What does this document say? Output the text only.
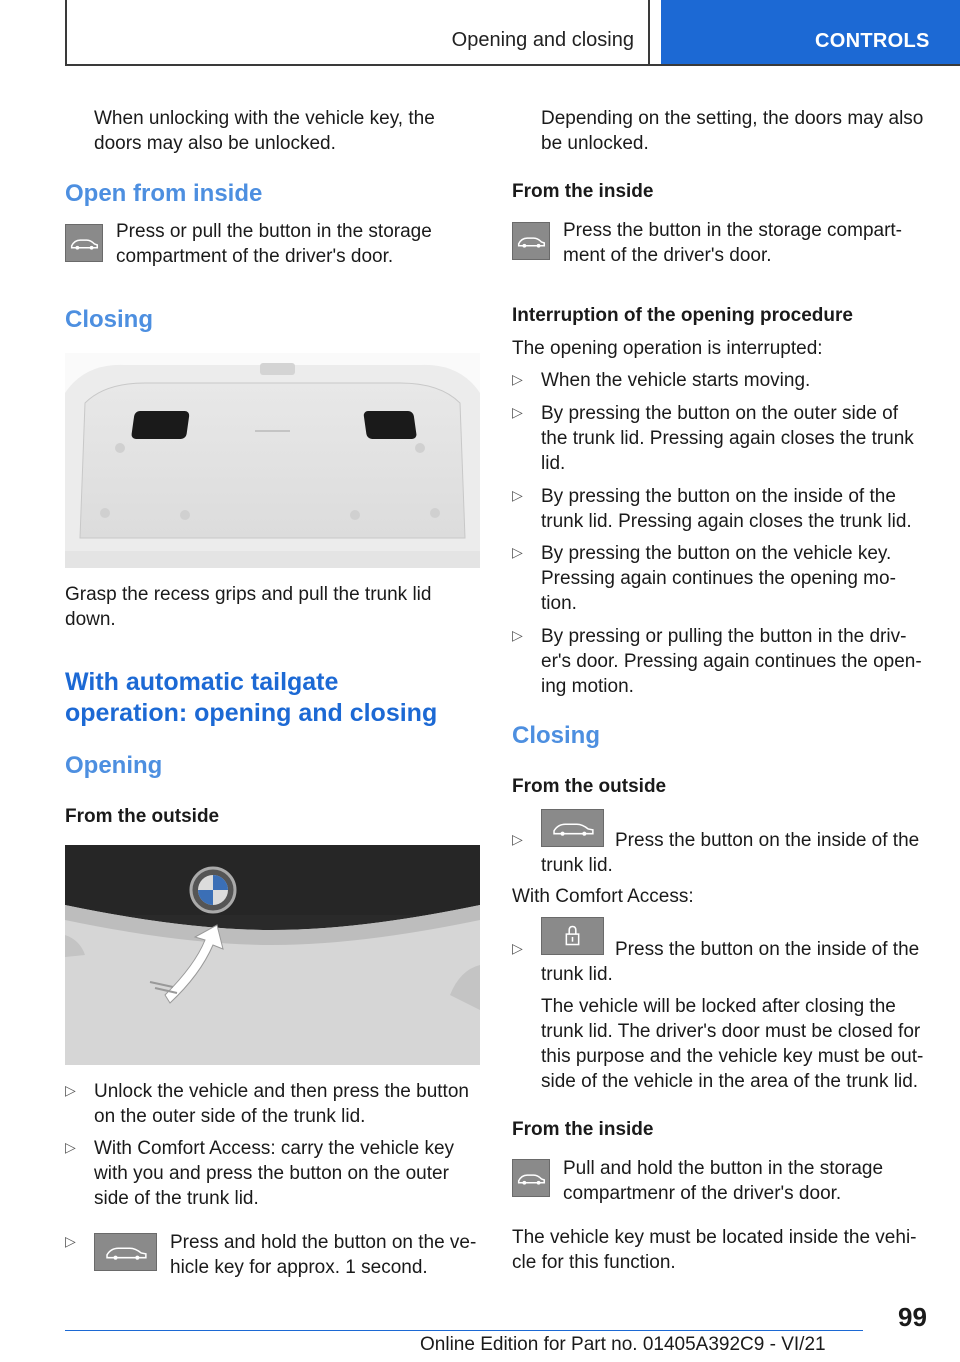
Opening and closing	CONTROLS
When unlocking with the vehicle key, the
doors may also be unlocked.
Open from inside
Press or pull the button in the storage
compartment of the driver's door.
Closing
Grasp the recess grips and pull the trunk lid
down.
With automatic tailgate
operation: opening and closing
Opening
From the outside
▷ Unlock the vehicle and then press the button
on the outer side of the trunk lid.
▷ With Comfort Access: carry the vehicle key
with you and press the button on the outer
side of the trunk lid.
▷	Press and hold the button on the ve-
hicle key for approx. 1 second.
Depending on the setting, the doors may also
be unlocked.
From the inside
Press the button in the storage compart-
ment of the driver's door.
Interruption of the opening procedure
The opening operation is interrupted:
▷ When the vehicle starts moving.
▷ By pressing the button on the outer side of
the trunk lid. Pressing again closes the trunk
lid.
▷ By pressing the button on the inside of the
trunk lid. Pressing again closes the trunk lid.
▷ By pressing the button on the vehicle key.
Pressing again continues the opening mo-
tion.
▷ By pressing or pulling the button in the driv-
er's door. Pressing again continues the open-
ing motion.
Closing
From the outside
▷	Press the button on the inside of the
trunk lid.
With Comfort Access:
▷	Press the button on the inside of the
trunk lid.
The vehicle will be locked after closing the
trunk lid. The driver's door must be closed for
this purpose and the vehicle key must be out-
side of the vehicle in the area of the trunk lid.
From the inside
Pull and hold the button in the storage
compartmenr of the driver's door.
The vehicle key must be located inside the vehi-
cle for this function.
99
Online Edition for Part no. 01405A392C9 - VI/21
